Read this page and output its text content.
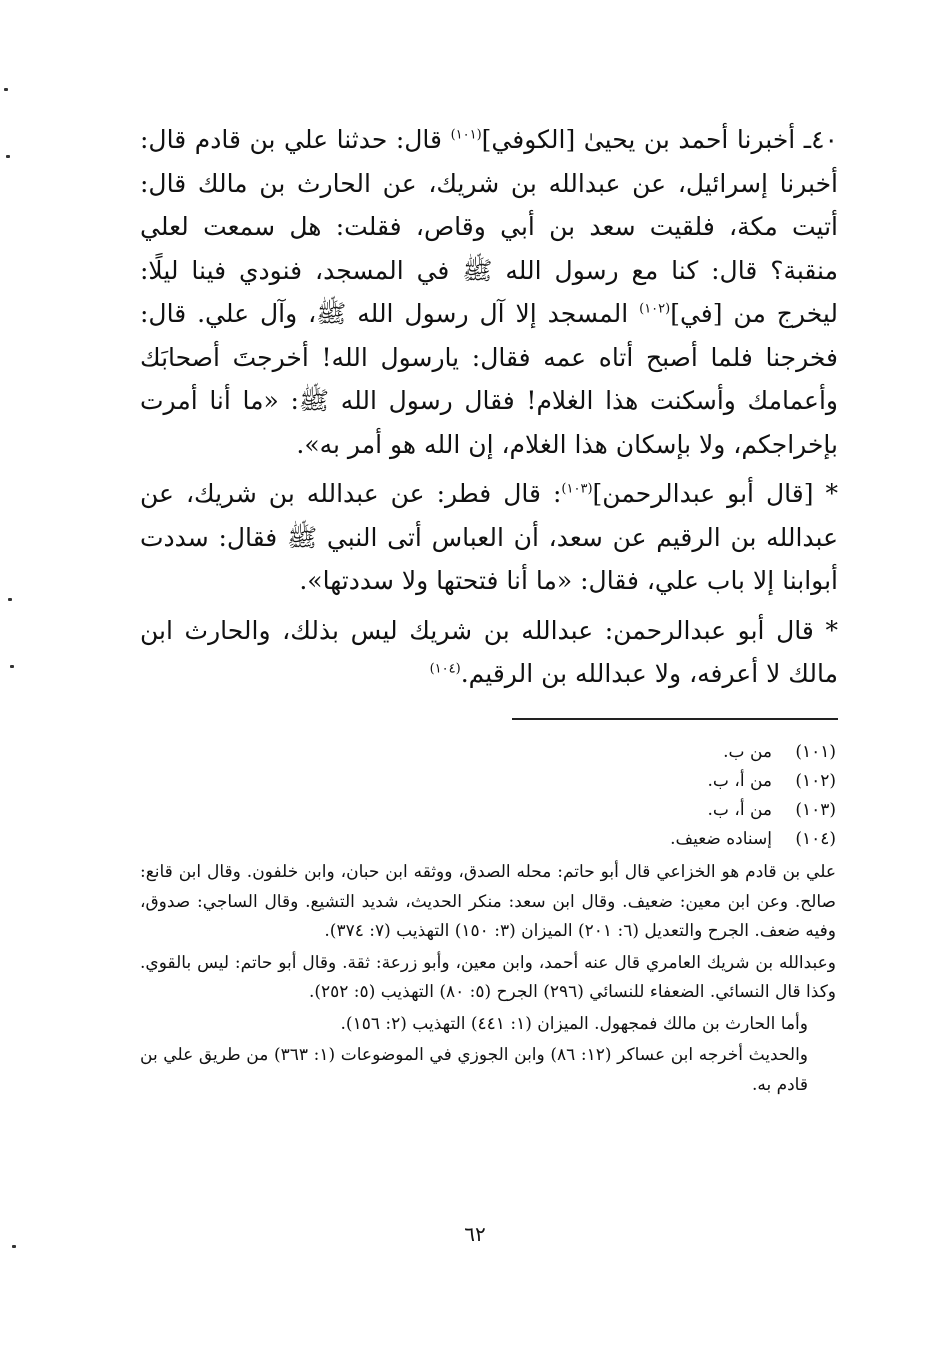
٤٠ـ أخبرنا أحمد بن يحيىٰ [الكوفي]$^{(١٠١)}$ قال: حدثنا علي بن قادم قال: أخبرنا إسرائيل، عن عبدالله بن شريك، عن الحارث بن مالك قال: أتيت مكة، فلقيت سعد بن أبي وقاص، فقلت: هل سمعت لعلي منقبة؟ قال: كنا مع رسول الله ﷺ في المسجد، فنودي فينا ليلًا: ليخرج من [في]$^{(١٠٢)}$ المسجد إلا آل رسول الله ﷺ، وآل علي. قال: فخرجنا فلما أصبح أتاه عمه فقال: يارسول الله! أخرجتَ أصحابَك وأعمامك وأسكنت هذا الغلام! فقال رسول الله ﷺ: «ما أنا أمرت بإخراجكم، ولا بإسكان هذا الغلام، إن الله هو أمر به».

* [قال أبو عبدالرحمن]$^{(١٠٣)}$: قال فطر: عن عبدالله بن شريك، عن عبدالله بن الرقيم عن سعد، أن العباس أتى النبي ﷺ فقال: سددت أبوابنا إلا باب علي، فقال: «ما أنا فتحتها ولا سددتها».

* قال أبو عبدالرحمن: عبدالله بن شريك ليس بذلك، والحارث ابن مالك لا أعرفه، ولا عبدالله بن الرقيم.$^{(١٠٤)}$

(١٠١)
من ب.
(١٠٢)
من أ، ب.
(١٠٣)
من أ، ب.
(١٠٤)
إسناده ضعيف.

علي بن قادم هو الخزاعي قال أبو حاتم: محله الصدق، ووثقه ابن حبان، وابن خلفون. وقال ابن قانع: صالح. وعن ابن معين: ضعيف. وقال ابن سعد: منكر الحديث، شديد التشيع. وقال الساجي: صدوق، وفيه ضعف. الجرح والتعديل (٦: ٢٠١) الميزان (٣: ١٥٠) التهذيب (٧: ٣٧٤).

وعبدالله بن شريك العامري قال عنه أحمد، وابن معين، وأبو زرعة: ثقة. وقال أبو حاتم: ليس بالقوي. وكذا قال النسائي. الضعفاء للنسائي (٢٩٦) الجرح (٥: ٨٠) التهذيب (٥: ٢٥٢).

وأما الحارث بن مالك فمجهول. الميزان (١: ٤٤١) التهذيب (٢: ١٥٦).

والحديث أخرجه ابن عساكر (١٢: ٨٦) وابن الجوزي في الموضوعات (١: ٣٦٣) من طريق علي بن قادم به.

٦٢
